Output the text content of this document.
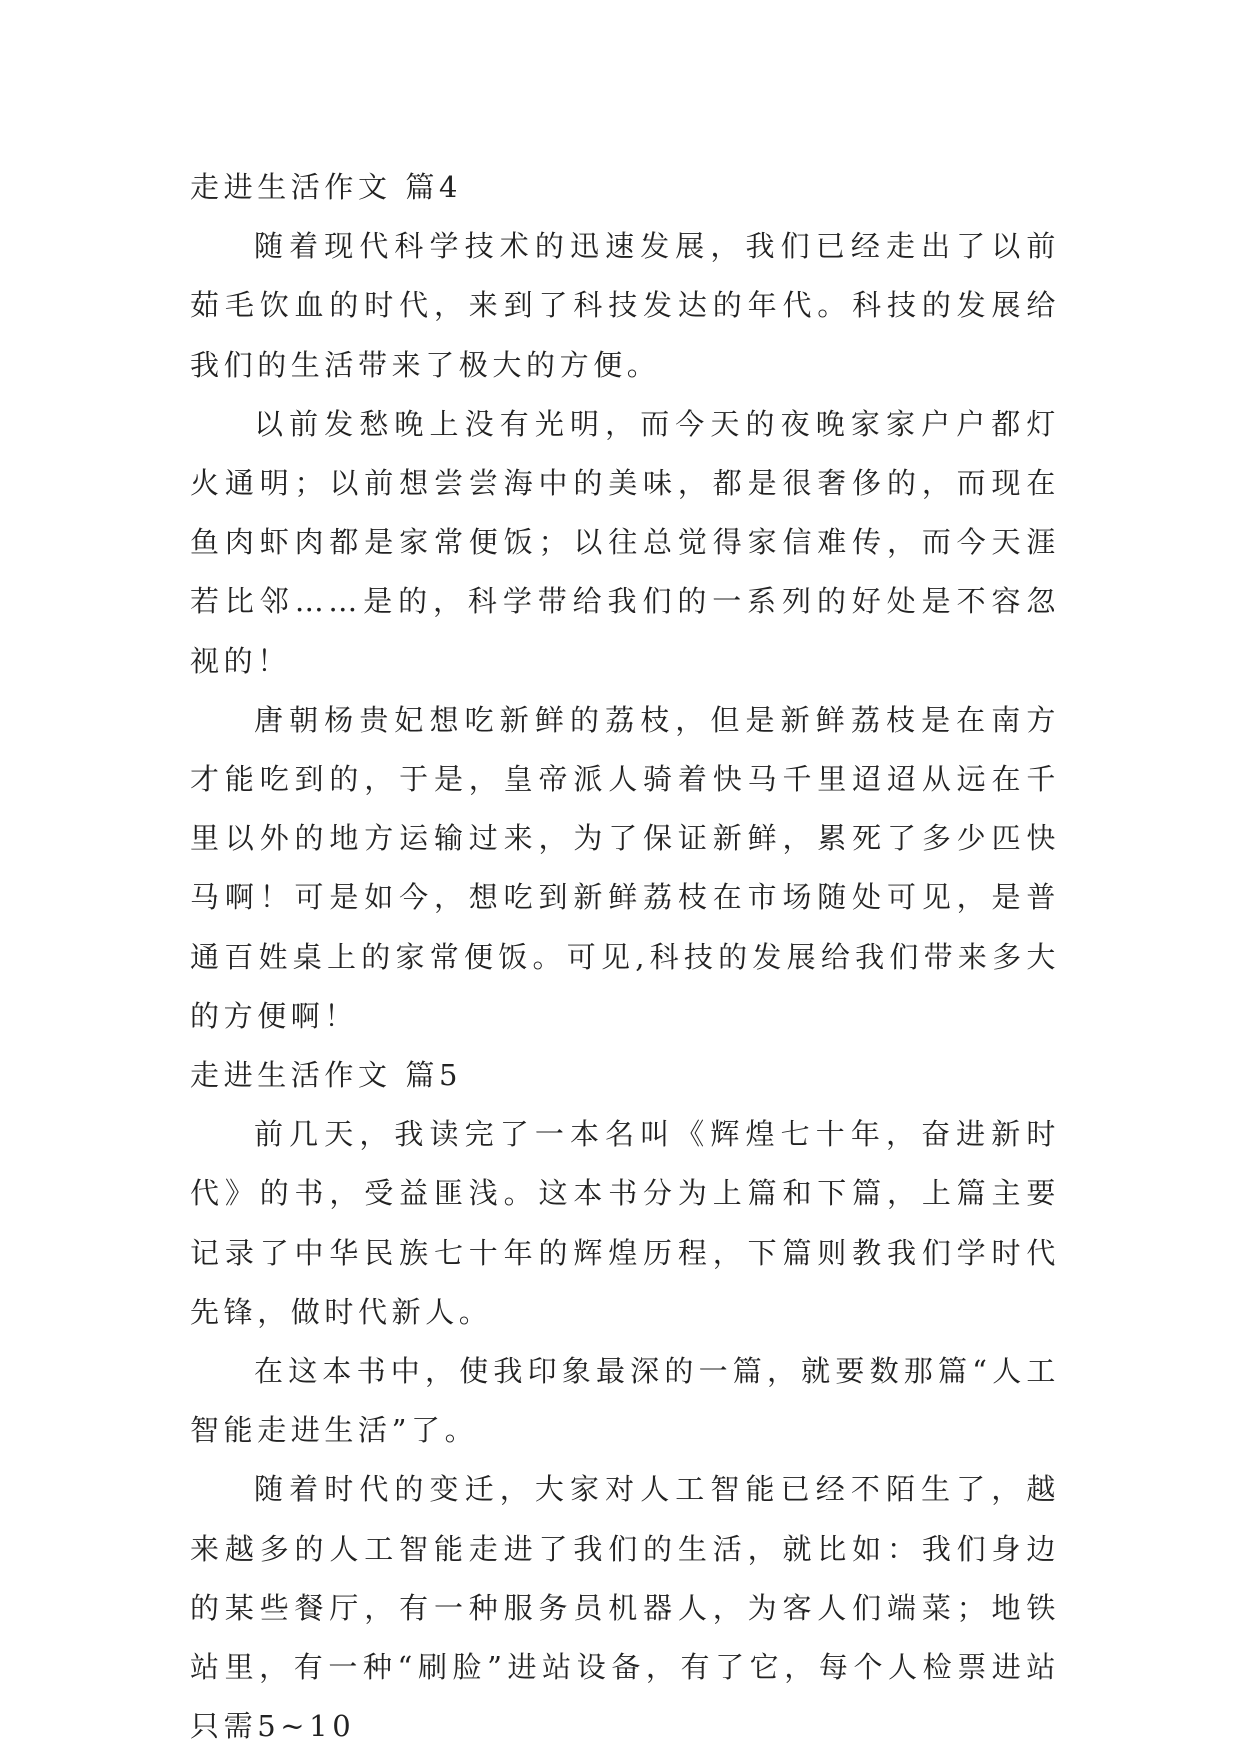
走进生活作文 篇4

随着现代科学技术的迅速发展，我们已经走出了以前茹毛饮血的时代，来到了科技发达的年代。科技的发展给我们的生活带来了极大的方便。

以前发愁晚上没有光明，而今天的夜晚家家户户都灯火通明；以前想尝尝海中的美味，都是很奢侈的，而现在鱼肉虾肉都是家常便饭；以往总觉得家信难传，而今天涯若比邻……是的，科学带给我们的一系列的好处是不容忽视的！

唐朝杨贵妃想吃新鲜的荔枝，但是新鲜荔枝是在南方才能吃到的，于是，皇帝派人骑着快马千里迢迢从远在千里以外的地方运输过来，为了保证新鲜，累死了多少匹快马啊！可是如今，想吃到新鲜荔枝在市场随处可见，是普通百姓桌上的家常便饭。可见,科技的发展给我们带来多大的方便啊！

走进生活作文 篇5

前几天，我读完了一本名叫《辉煌七十年，奋进新时代》的书，受益匪浅。这本书分为上篇和下篇，上篇主要记录了中华民族七十年的辉煌历程，下篇则教我们学时代先锋，做时代新人。

在这本书中，使我印象最深的一篇，就要数那篇“人工智能走进生活”了。

随着时代的变迁，大家对人工智能已经不陌生了，越来越多的人工智能走进了我们的生活，就比如：我们身边的某些餐厅，有一种服务员机器人，为客人们端菜；地铁站里，有一种“刷脸”进站设备，有了它，每个人检票进站只需5~10
